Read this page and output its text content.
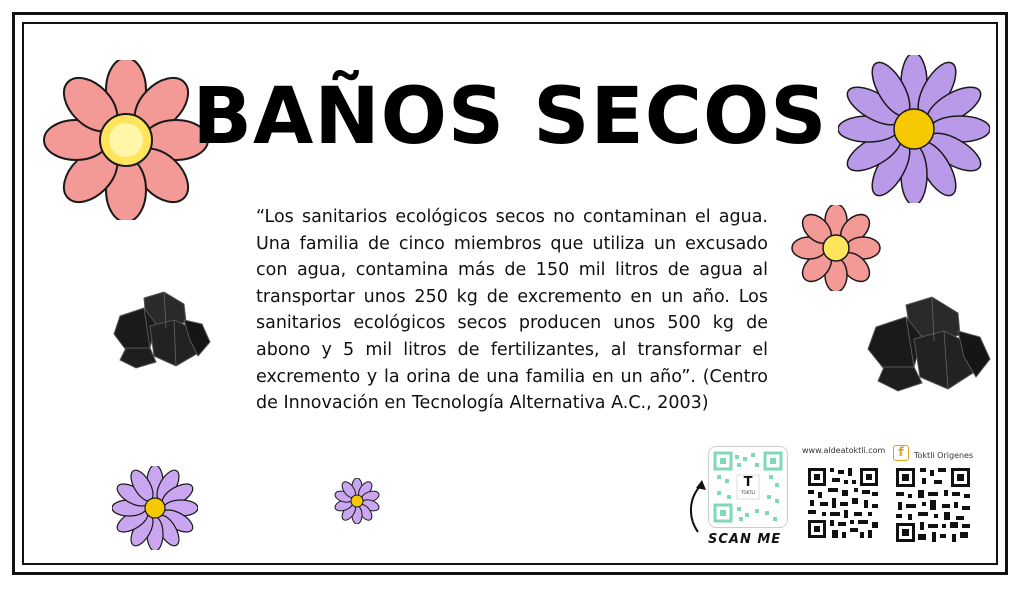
BAÑOS SECOS
“Los sanitarios ecológicos secos no contaminan el agua. Una familia de cinco miembros que utiliza un excusado con agua, contamina más de 150 mil litros de agua al transportar unos 250 kg de excremento en un año. Los sanitarios ecológicos secos producen unos 500 kg de abono y 5 mil litros de fertilizantes, al transformar el excremento y la orina de una familia en un año”. (Centro de Innovación en Tecnología Alternativa A.C., 2003)
T
TOKTLI
SCAN ME
www.aldeatoktli.com	f	Toktli Origenes
